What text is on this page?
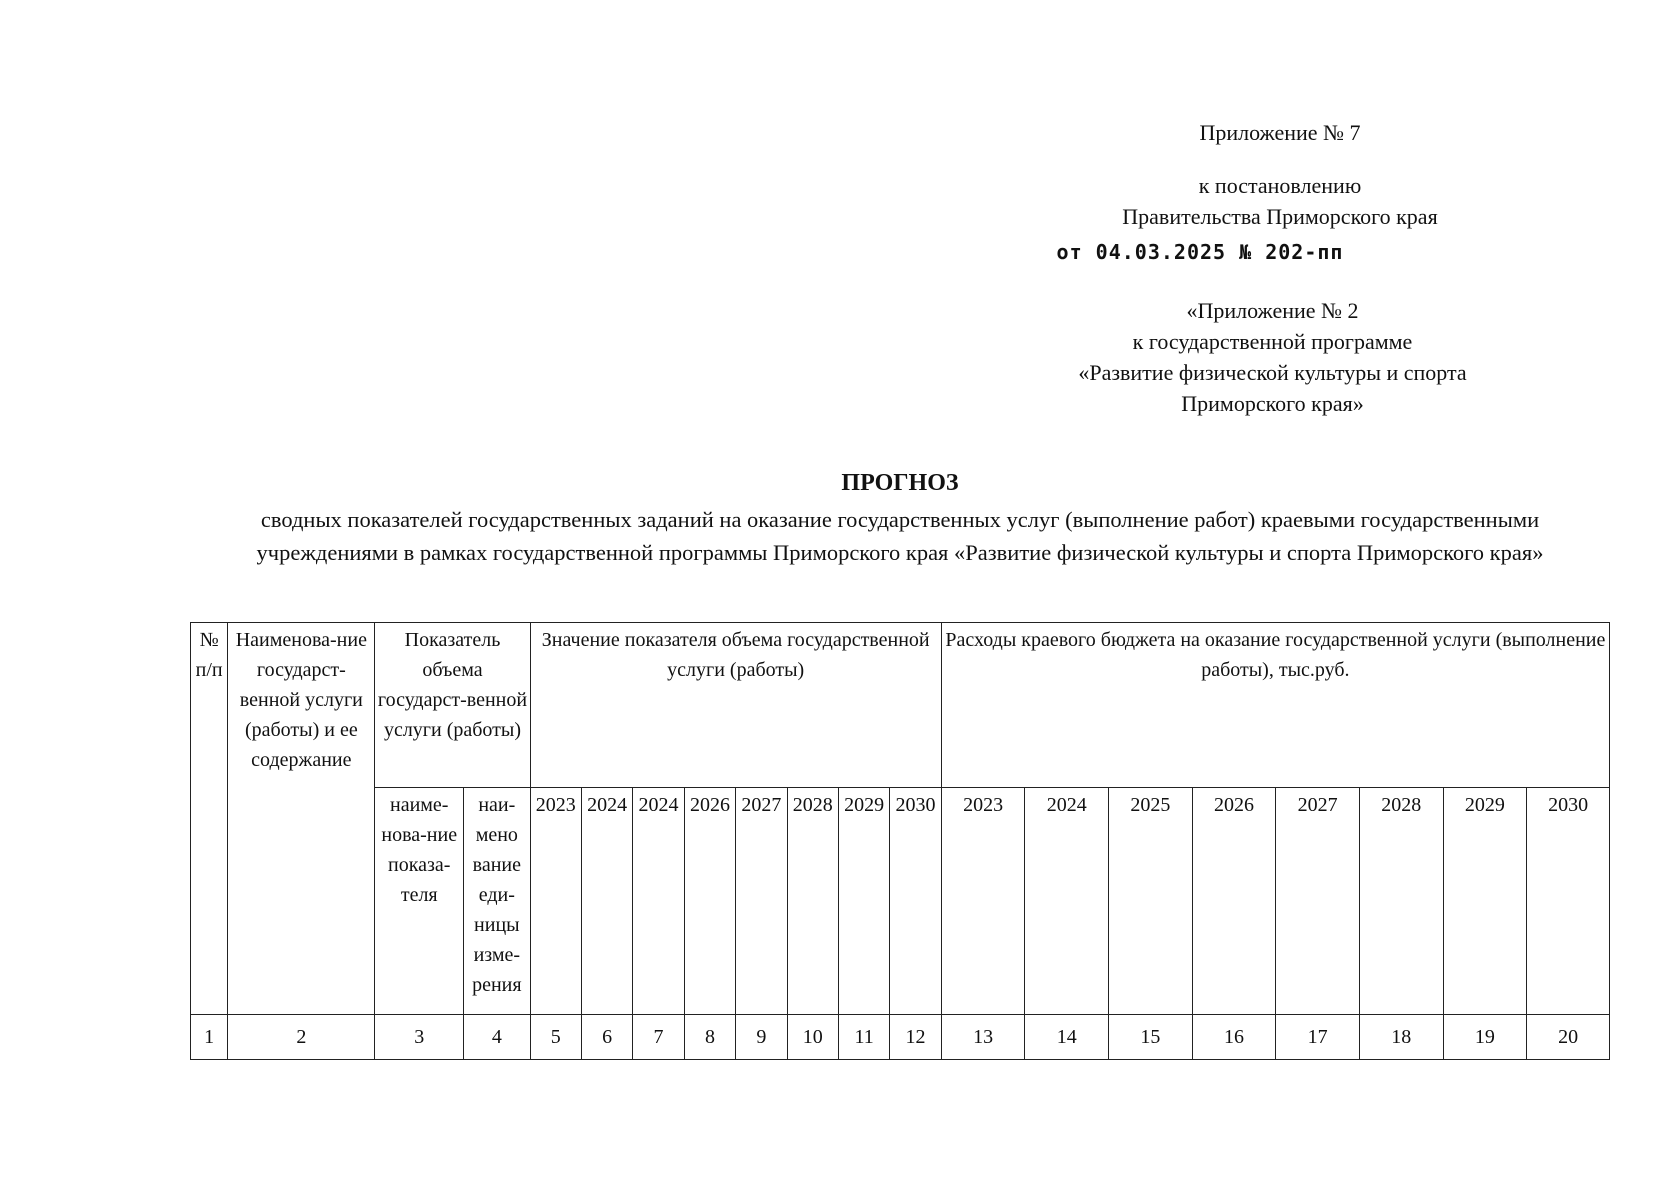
Приложение № 7
к постановлению
Правительства Приморского края
от 04.03.2025 № 202-пп
«Приложение № 2
к государственной программе
«Развитие физической культуры и спорта
Приморского края»
ПРОГНОЗ
сводных показателей государственных заданий на оказание государственных услуг (выполнение работ) краевыми государственными учреждениями в рамках государственной программы Приморского края «Развитие физической культуры и спорта Приморского края»
№ п/п	Наименова-ние государст-венной услуги (работы) и ее содержание	Показатель объема государст-венной услуги (работы)		Значение показателя объема государственной услуги (работы)								Расходы краевого бюджета на оказание государственной услуги (выполнение работы), тыс.руб.							
		наиме-нова-ние показа-теля	наи-мено вание еди-ницы изме-рения	2023	2024	2024	2026	2027	2028	2029	2030	2023	2024	2025	2026	2027	2028	2029	2030
1	2	3	4	5	6	7	8	9	10	11	12	13	14	15	16	17	18	19	20
